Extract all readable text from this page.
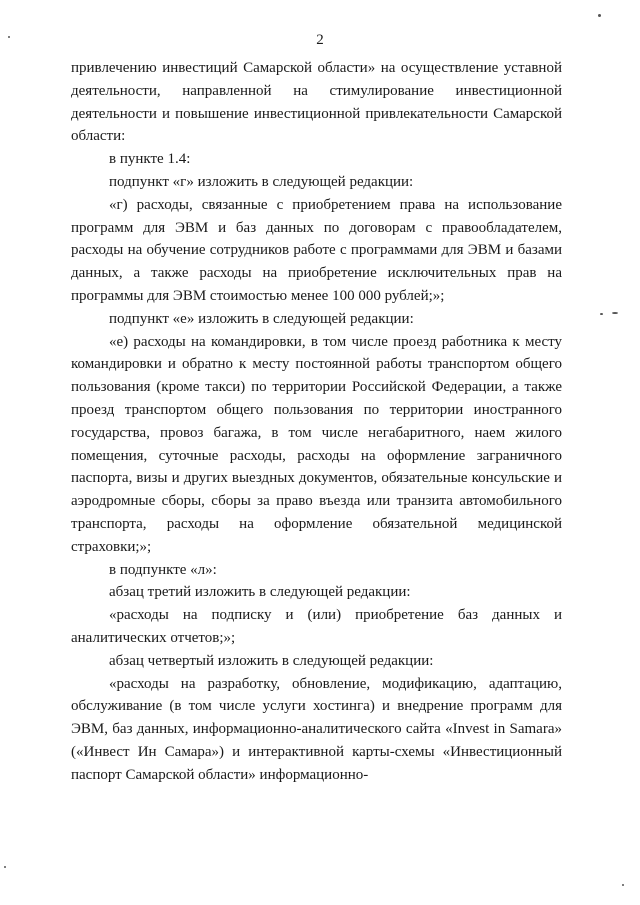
2

привлечению инвестиций Самарской области» на осуществление уставной деятельности, направленной на стимулирование инвестиционной деятельности и повышение инвестиционной привлекательности Самарской области:

в пункте 1.4:

подпункт «г» изложить в следующей редакции:

«г) расходы, связанные с приобретением права на использование программ для ЭВМ и баз данных по договорам с правообладателем, расходы на обучение сотрудников работе с программами для ЭВМ и базами данных, а также расходы на приобретение исключительных прав на программы для ЭВМ стоимостью менее 100 000 рублей;»;

подпункт «е» изложить в следующей редакции:

«е) расходы на командировки, в том числе проезд работника к месту командировки и обратно к месту постоянной работы транспортом общего пользования (кроме такси) по территории Российской Федерации, а также проезд транспортом общего пользования по территории иностранного государства, провоз багажа, в том числе негабаритного, наем жилого помещения, суточные расходы, расходы на оформление заграничного паспорта, визы и других выездных документов, обязательные консульские и аэродромные сборы, сборы за право въезда или транзита автомобильного транспорта, расходы на оформление обязательной медицинской страховки;»;

в подпункте «л»:

абзац третий изложить в следующей редакции:

«расходы на подписку и (или) приобретение баз данных и аналитических отчетов;»;

абзац четвертый изложить в следующей редакции:

«расходы на разработку, обновление, модификацию, адаптацию, обслуживание (в том числе услуги хостинга) и внедрение программ для ЭВМ, баз данных, информационно-аналитического сайта «Invest in Samara» («Инвест Ин Самара») и интерактивной карты-схемы «Инвестиционный паспорт Самарской области» информационно-
